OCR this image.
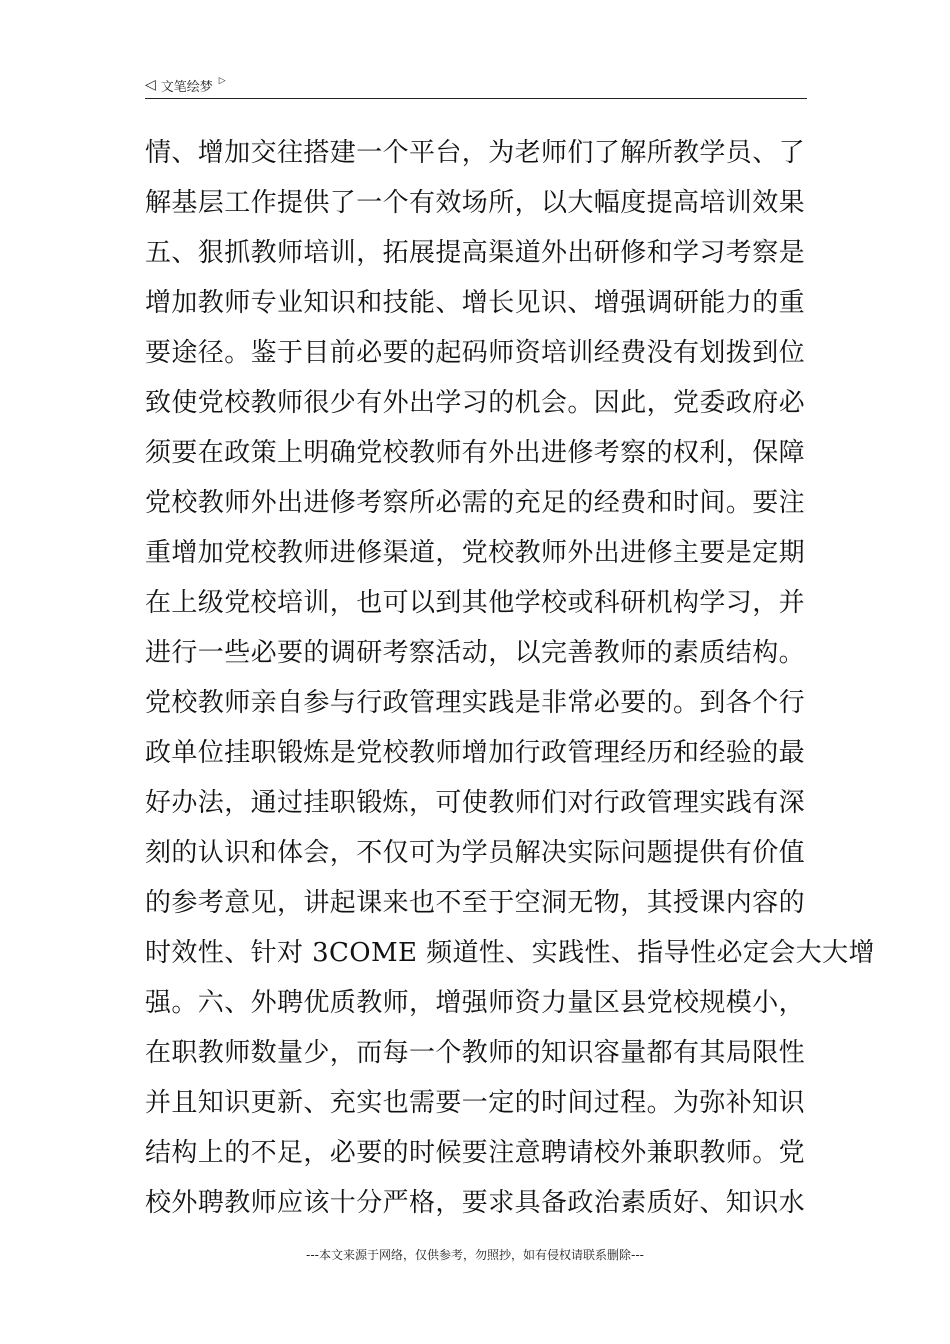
◁ 文笔绘梦 ▷
情、增加交往搭建一个平台，为老师们了解所教学员、了
解基层工作提供了一个有效场所，以大幅度提高培训效果
五、狠抓教师培训，拓展提高渠道外出研修和学习考察是
增加教师专业知识和技能、增长见识、增强调研能力的重
要途径。鉴于目前必要的起码师资培训经费没有划拨到位
致使党校教师很少有外出学习的机会。因此，党委政府必
须要在政策上明确党校教师有外出进修考察的权利，保障
党校教师外出进修考察所必需的充足的经费和时间。要注
重增加党校教师进修渠道，党校教师外出进修主要是定期
在上级党校培训，也可以到其他学校或科研机构学习，并
进行一些必要的调研考察活动，以完善教师的素质结构。
党校教师亲自参与行政管理实践是非常必要的。到各个行
政单位挂职锻炼是党校教师增加行政管理经历和经验的最
好办法，通过挂职锻炼，可使教师们对行政管理实践有深
刻的认识和体会，不仅可为学员解决实际问题提供有价值
的参考意见，讲起课来也不至于空洞无物，其授课内容的
时效性、针对 3COME 频道性、实践性、指导性必定会大大增
强。六、外聘优质教师，增强师资力量区县党校规模小，
在职教师数量少，而每一个教师的知识容量都有其局限性
并且知识更新、充实也需要一定的时间过程。为弥补知识
结构上的不足，必要的时候要注意聘请校外兼职教师。党
校外聘教师应该十分严格，要求具备政治素质好、知识水
---本文来源于网络，仅供参考，勿照抄，如有侵权请联系删除---
